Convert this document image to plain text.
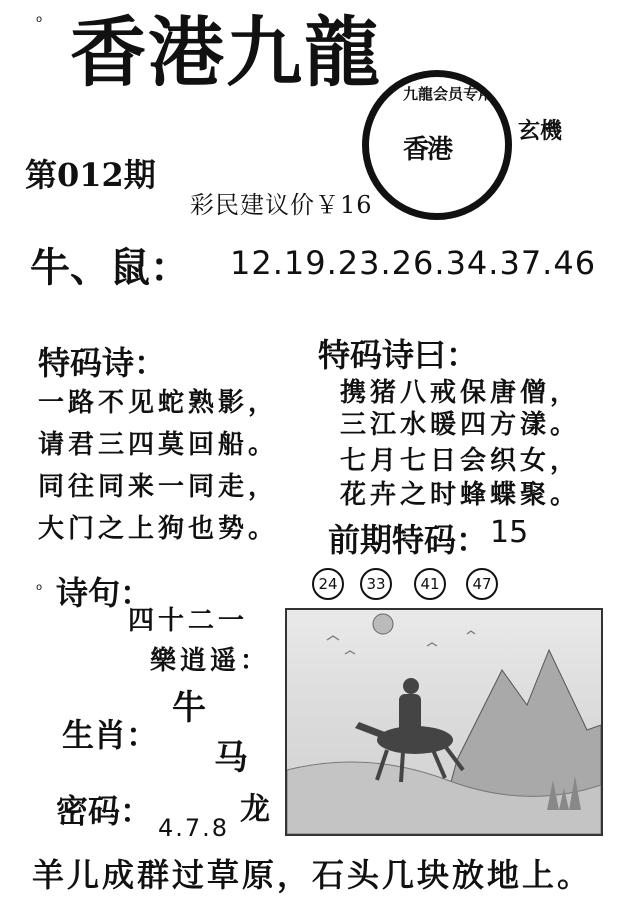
o
o
香港九龍 九龍会员专用
香港
玄機
第012期
彩民建议价￥16
牛、鼠： 12.19.23.26.34.37.46
特码诗：
一路不见蛇熟影，
请君三四莫回船。
同往同来一同走，
大门之上狗也势。
特码诗曰：
携猪八戒保唐僧，
三江水暖四方漾。
七月七日会织女，
花卉之时蜂蝶聚。
前期特码： 15
24	33	41	47
诗句：
四十二一
樂逍遥：
生肖：
牛
马
龙
密码： 4.7.8
羊儿成群过草原，石头几块放地上。
